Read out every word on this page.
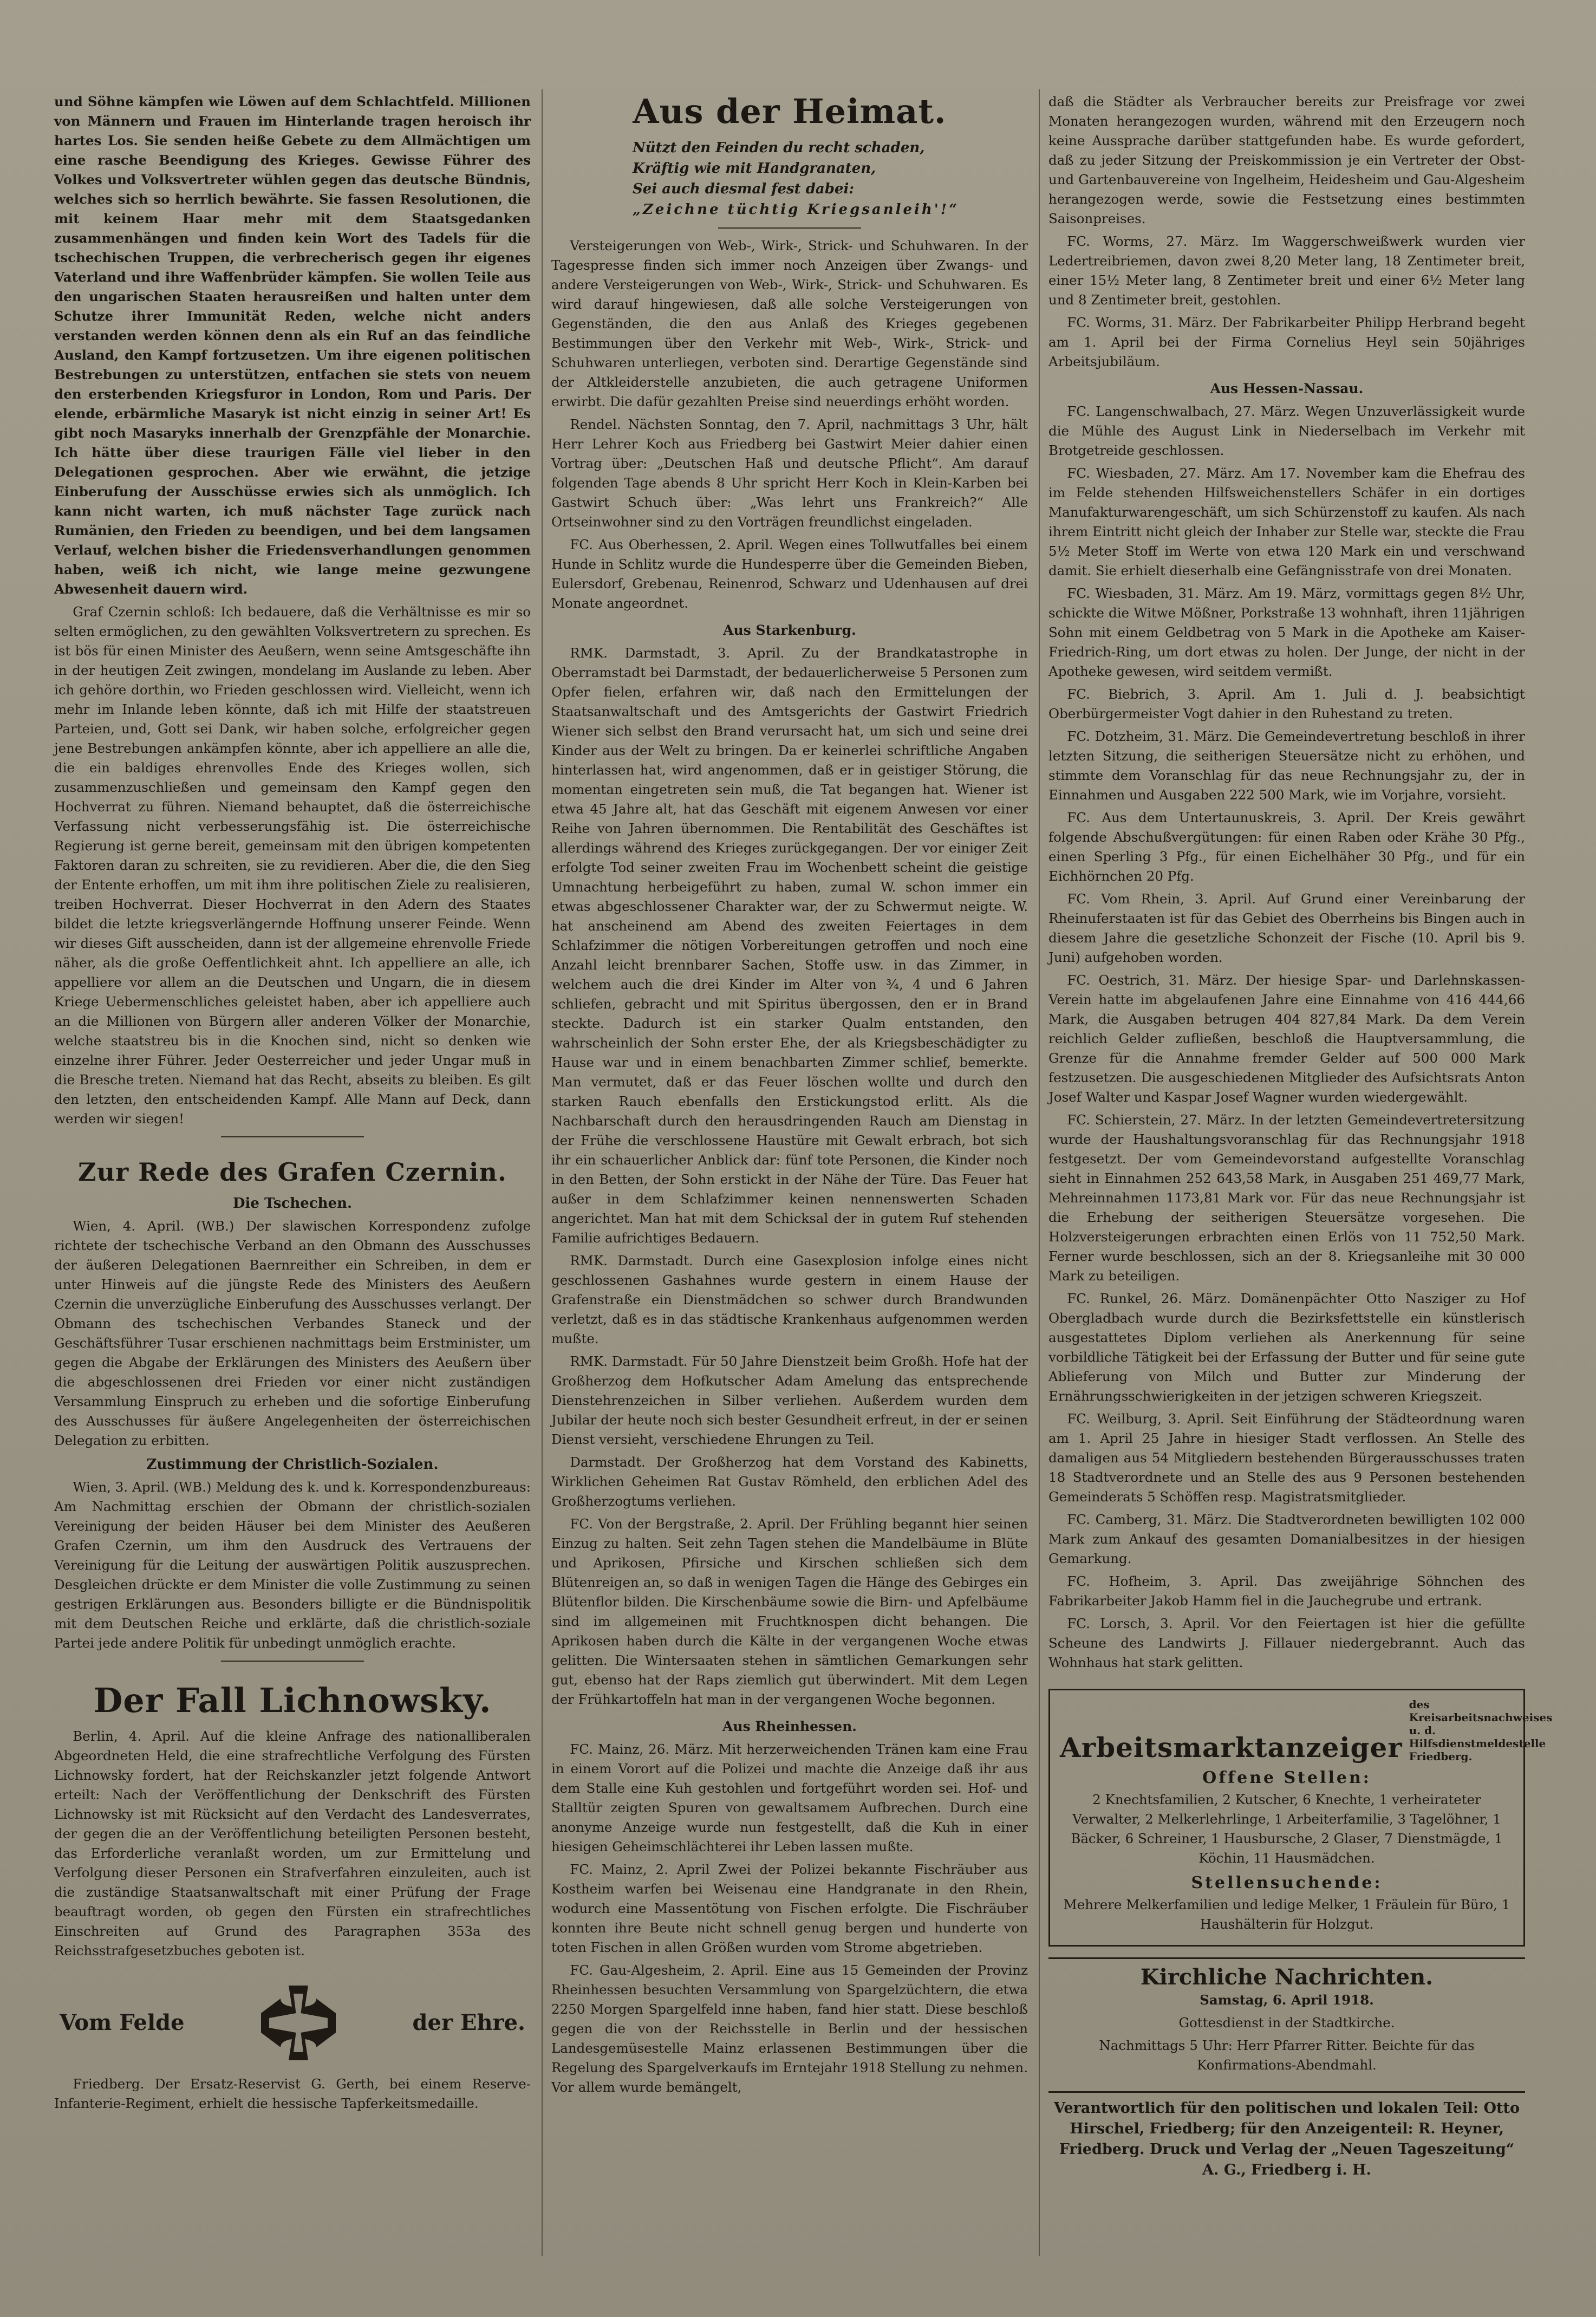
und Söhne kämpfen wie Löwen auf dem Schlachtfeld. Millionen von Männern und Frauen im Hinterlande tragen heroisch ihr hartes Los. Sie senden heiße Gebete zu dem Allmächtigen um eine rasche Beendigung des Krieges. Gewisse Führer des Volkes und Volksvertreter wühlen gegen das deutsche Bündnis, welches sich so herrlich bewährte. Sie fassen Resolutionen, die mit keinem Haar mehr mit dem Staatsgedanken zusammenhängen und finden kein Wort des Tadels für die tschechischen Truppen, die verbrecherisch gegen ihr eigenes Vaterland und ihre Waffenbrüder kämpfen. Sie wollen Teile aus den ungarischen Staaten herausreißen und halten unter dem Schutze ihrer Immunität Reden, welche nicht anders verstanden werden können denn als ein Ruf an das feindliche Ausland, den Kampf fortzusetzen. Um ihre eigenen politischen Bestrebungen zu unterstützen, entfachen sie stets von neuem den ersterbenden Kriegsfuror in London, Rom und Paris. Der elende, erbärmliche Masaryk ist nicht einzig in seiner Art! Es gibt noch Masaryks innerhalb der Grenzpfähle der Monarchie. Ich hätte über diese traurigen Fälle viel lieber in den Delegationen gesprochen. Aber wie erwähnt, die jetzige Einberufung der Ausschüsse erwies sich als unmöglich. Ich kann nicht warten, ich muß nächster Tage zurück nach Rumänien, den Frieden zu beendigen, und bei dem langsamen Verlauf, welchen bisher die Friedensverhandlungen genommen haben, weiß ich nicht, wie lange meine gezwungene Abwesenheit dauern wird.

Graf Czernin schloß: Ich bedauere, daß die Verhältnisse es mir so selten ermöglichen, zu den gewählten Volksvertretern zu sprechen. Es ist bös für einen Minister des Aeußern, wenn seine Amtsgeschäfte ihn in der heutigen Zeit zwingen, mondelang im Auslande zu leben. Aber ich gehöre dorthin, wo Frieden geschlossen wird. Vielleicht, wenn ich mehr im Inlande leben könnte, daß ich mit Hilfe der staatstreuen Parteien, und, Gott sei Dank, wir haben solche, erfolgreicher gegen jene Bestrebungen ankämpfen könnte, aber ich appelliere an alle die, die ein baldiges ehrenvolles Ende des Krieges wollen, sich zusammenzuschließen und gemeinsam den Kampf gegen den Hochverrat zu führen. Niemand behauptet, daß die österreichische Verfassung nicht verbesserungsfähig ist. Die österreichische Regierung ist gerne bereit, gemeinsam mit den übrigen kompetenten Faktoren daran zu schreiten, sie zu revidieren. Aber die, die den Sieg der Entente erhoffen, um mit ihm ihre politischen Ziele zu realisieren, treiben Hochverrat. Dieser Hochverrat in den Adern des Staates bildet die letzte kriegsverlängernde Hoffnung unserer Feinde. Wenn wir dieses Gift ausscheiden, dann ist der allgemeine ehrenvolle Friede näher, als die große Oeffentlichkeit ahnt. Ich appelliere an alle, ich appelliere vor allem an die Deutschen und Ungarn, die in diesem Kriege Uebermenschliches geleistet haben, aber ich appelliere auch an die Millionen von Bürgern aller anderen Völker der Monarchie, welche staatstreu bis in die Knochen sind, nicht so denken wie einzelne ihrer Führer. Jeder Oesterreicher und jeder Ungar muß in die Bresche treten. Niemand hat das Recht, abseits zu bleiben. Es gilt den letzten, den entscheidenden Kampf. Alle Mann auf Deck, dann werden wir siegen!

Zur Rede des Grafen Czernin.
Die Tschechen.

Wien, 4. April. (WB.) Der slawischen Korrespondenz zufolge richtete der tschechische Verband an den Obmann des Ausschusses der äußeren Delegationen Baernreither ein Schreiben, in dem er unter Hinweis auf die jüngste Rede des Ministers des Aeußern Czernin die unverzügliche Einberufung des Ausschusses verlangt. Der Obmann des tschechischen Verbandes Staneck und der Geschäftsführer Tusar erschienen nachmittags beim Erstminister, um gegen die Abgabe der Erklärungen des Ministers des Aeußern über die abgeschlossenen drei Frieden vor einer nicht zuständigen Versammlung Einspruch zu erheben und die sofortige Einberufung des Ausschusses für äußere Angelegenheiten der österreichischen Delegation zu erbitten.

Zustimmung der Christlich-Sozialen.

Wien, 3. April. (WB.) Meldung des k. und k. Korrespondenzbureaus: Am Nachmittag erschien der Obmann der christlich-sozialen Vereinigung der beiden Häuser bei dem Minister des Aeußeren Grafen Czernin, um ihm den Ausdruck des Vertrauens der Vereinigung für die Leitung der auswärtigen Politik auszusprechen. Desgleichen drückte er dem Minister die volle Zustimmung zu seinen gestrigen Erklärungen aus. Besonders billigte er die Bündnispolitik mit dem Deutschen Reiche und erklärte, daß die christlich-soziale Partei jede andere Politik für unbedingt unmöglich erachte.

Der Fall Lichnowsky.

Berlin, 4. April. Auf die kleine Anfrage des nationalliberalen Abgeordneten Held, die eine strafrechtliche Verfolgung des Fürsten Lichnowsky fordert, hat der Reichskanzler jetzt folgende Antwort erteilt: Nach der Veröffentlichung der Denkschrift des Fürsten Lichnowsky ist mit Rücksicht auf den Verdacht des Landesverrates, der gegen die an der Veröffentlichung beteiligten Personen besteht, das Erforderliche veranlaßt worden, um zur Ermittelung und Verfolgung dieser Personen ein Strafverfahren einzuleiten, auch ist die zuständige Staatsanwaltschaft mit einer Prüfung der Frage beauftragt worden, ob gegen den Fürsten ein strafrechtliches Einschreiten auf Grund des Paragraphen 353a des Reichsstrafgesetzbuches geboten ist.

Vom Felde	der Ehre.

Friedberg. Der Ersatz-Reservist G. Gerth, bei einem Reserve-Infanterie-Regiment, erhielt die hessische Tapferkeitsmedaille.

Aus der Heimat.
Nützt den Feinden du recht schaden,
Kräftig wie mit Handgranaten,
Sei auch diesmal fest dabei:
„Zeichne tüchtig Kriegsanleih'!“

Versteigerungen von Web-, Wirk-, Strick- und Schuhwaren. In der Tagespresse finden sich immer noch Anzeigen über Zwangs- und andere Versteigerungen von Web-, Wirk-, Strick- und Schuhwaren. Es wird darauf hingewiesen, daß alle solche Versteigerungen von Gegenständen, die den aus Anlaß des Krieges gegebenen Bestimmungen über den Verkehr mit Web-, Wirk-, Strick- und Schuhwaren unterliegen, verboten sind. Derartige Gegenstände sind der Altkleiderstelle anzubieten, die auch getragene Uniformen erwirbt. Die dafür gezahlten Preise sind neuerdings erhöht worden.

Rendel. Nächsten Sonntag, den 7. April, nachmittags 3 Uhr, hält Herr Lehrer Koch aus Friedberg bei Gastwirt Meier dahier einen Vortrag über: „Deutschen Haß und deutsche Pflicht“. Am darauf folgenden Tage abends 8 Uhr spricht Herr Koch in Klein-Karben bei Gastwirt Schuch über: „Was lehrt uns Frankreich?“ Alle Ortseinwohner sind zu den Vorträgen freundlichst eingeladen.

FC. Aus Oberhessen, 2. April. Wegen eines Tollwutfalles bei einem Hunde in Schlitz wurde die Hundesperre über die Gemeinden Bieben, Eulersdorf, Grebenau, Reinenrod, Schwarz und Udenhausen auf drei Monate angeordnet.

Aus Starkenburg.

RMK. Darmstadt, 3. April. Zu der Brandkatastrophe in Oberramstadt bei Darmstadt, der bedauerlicherweise 5 Personen zum Opfer fielen, erfahren wir, daß nach den Ermittelungen der Staatsanwaltschaft und des Amtsgerichts der Gastwirt Friedrich Wiener sich selbst den Brand verursacht hat, um sich und seine drei Kinder aus der Welt zu bringen. Da er keinerlei schriftliche Angaben hinterlassen hat, wird angenommen, daß er in geistiger Störung, die momentan eingetreten sein muß, die Tat begangen hat. Wiener ist etwa 45 Jahre alt, hat das Geschäft mit eigenem Anwesen vor einer Reihe von Jahren übernommen. Die Rentabilität des Geschäftes ist allerdings während des Krieges zurückgegangen. Der vor einiger Zeit erfolgte Tod seiner zweiten Frau im Wochenbett scheint die geistige Umnachtung herbeigeführt zu haben, zumal W. schon immer ein etwas abgeschlossener Charakter war, der zu Schwermut neigte. W. hat anscheinend am Abend des zweiten Feiertages in dem Schlafzimmer die nötigen Vorbereitungen getroffen und noch eine Anzahl leicht brennbarer Sachen, Stoffe usw. in das Zimmer, in welchem auch die drei Kinder im Alter von ¾, 4 und 6 Jahren schliefen, gebracht und mit Spiritus übergossen, den er in Brand steckte. Dadurch ist ein starker Qualm entstanden, den wahrscheinlich der Sohn erster Ehe, der als Kriegsbeschädigter zu Hause war und in einem benachbarten Zimmer schlief, bemerkte. Man vermutet, daß er das Feuer löschen wollte und durch den starken Rauch ebenfalls den Erstickungstod erlitt. Als die Nachbarschaft durch den herausdringenden Rauch am Dienstag in der Frühe die verschlossene Haustüre mit Gewalt erbrach, bot sich ihr ein schauerlicher Anblick dar: fünf tote Personen, die Kinder noch in den Betten, der Sohn erstickt in der Nähe der Türe. Das Feuer hat außer in dem Schlafzimmer keinen nennenswerten Schaden angerichtet. Man hat mit dem Schicksal der in gutem Ruf stehenden Familie aufrichtiges Bedauern.

RMK. Darmstadt. Durch eine Gasexplosion infolge eines nicht geschlossenen Gashahnes wurde gestern in einem Hause der Grafenstraße ein Dienstmädchen so schwer durch Brandwunden verletzt, daß es in das städtische Krankenhaus aufgenommen werden mußte.

RMK. Darmstadt. Für 50 Jahre Dienstzeit beim Großh. Hofe hat der Großherzog dem Hofkutscher Adam Amelung das entsprechende Dienstehrenzeichen in Silber verliehen. Außerdem wurden dem Jubilar der heute noch sich bester Gesundheit erfreut, in der er seinen Dienst versieht, verschiedene Ehrungen zu Teil.

Darmstadt. Der Großherzog hat dem Vorstand des Kabinetts, Wirklichen Geheimen Rat Gustav Römheld, den erblichen Adel des Großherzogtums verliehen.

FC. Von der Bergstraße, 2. April. Der Frühling begannt hier seinen Einzug zu halten. Seit zehn Tagen stehen die Mandelbäume in Blüte und Aprikosen, Pfirsiche und Kirschen schließen sich dem Blütenreigen an, so daß in wenigen Tagen die Hänge des Gebirges ein Blütenflor bilden. Die Kirschenbäume sowie die Birn- und Apfelbäume sind im allgemeinen mit Fruchtknospen dicht behangen. Die Aprikosen haben durch die Kälte in der vergangenen Woche etwas gelitten. Die Wintersaaten stehen in sämtlichen Gemarkungen sehr gut, ebenso hat der Raps ziemlich gut überwindert. Mit dem Legen der Frühkartoffeln hat man in der vergangenen Woche begonnen.

Aus Rheinhessen.

FC. Mainz, 26. März. Mit herzerweichenden Tränen kam eine Frau in einem Vorort auf die Polizei und machte die Anzeige daß ihr aus dem Stalle eine Kuh gestohlen und fortgeführt worden sei. Hof- und Stalltür zeigten Spuren von gewaltsamem Aufbrechen. Durch eine anonyme Anzeige wurde nun festgestellt, daß die Kuh in einer hiesigen Geheimschlächterei ihr Leben lassen mußte.

FC. Mainz, 2. April Zwei der Polizei bekannte Fischräuber aus Kostheim warfen bei Weisenau eine Handgranate in den Rhein, wodurch eine Massentötung von Fischen erfolgte. Die Fischräuber konnten ihre Beute nicht schnell genug bergen und hunderte von toten Fischen in allen Größen wurden vom Strome abgetrieben.

FC. Gau-Algesheim, 2. April. Eine aus 15 Gemeinden der Provinz Rheinhessen besuchten Versammlung von Spargelzüchtern, die etwa 2250 Morgen Spargelfeld inne haben, fand hier statt. Diese beschloß gegen die von der Reichsstelle in Berlin und der hessischen Landesgemüsestelle Mainz erlassenen Bestimmungen über die Regelung des Spargelverkaufs im Erntejahr 1918 Stellung zu nehmen. Vor allem wurde bemängelt,

daß die Städter als Verbraucher bereits zur Preisfrage vor zwei Monaten herangezogen wurden, während mit den Erzeugern noch keine Aussprache darüber stattgefunden habe. Es wurde gefordert, daß zu jeder Sitzung der Preiskommission je ein Vertreter der Obst- und Gartenbauvereine von Ingelheim, Heidesheim und Gau-Algesheim herangezogen werde, sowie die Festsetzung eines bestimmten Saisonpreises.

FC. Worms, 27. März. Im Waggerschweißwerk wurden vier Ledertreibriemen, davon zwei 8,20 Meter lang, 18 Zentimeter breit, einer 15½ Meter lang, 8 Zentimeter breit und einer 6½ Meter lang und 8 Zentimeter breit, gestohlen.

FC. Worms, 31. März. Der Fabrikarbeiter Philipp Herbrand begeht am 1. April bei der Firma Cornelius Heyl sein 50jähriges Arbeitsjubiläum.

Aus Hessen-Nassau.

FC. Langenschwalbach, 27. März. Wegen Unzuverlässigkeit wurde die Mühle des August Link in Niederselbach im Verkehr mit Brotgetreide geschlossen.

FC. Wiesbaden, 27. März. Am 17. November kam die Ehefrau des im Felde stehenden Hilfsweichenstellers Schäfer in ein dortiges Manufakturwarengeschäft, um sich Schürzenstoff zu kaufen. Als nach ihrem Eintritt nicht gleich der Inhaber zur Stelle war, steckte die Frau 5½ Meter Stoff im Werte von etwa 120 Mark ein und verschwand damit. Sie erhielt dieserhalb eine Gefängnisstrafe von drei Monaten.

FC. Wiesbaden, 31. März. Am 19. März, vormittags gegen 8½ Uhr, schickte die Witwe Mößner, Porkstraße 13 wohnhaft, ihren 11jährigen Sohn mit einem Geldbetrag von 5 Mark in die Apotheke am Kaiser-Friedrich-Ring, um dort etwas zu holen. Der Junge, der nicht in der Apotheke gewesen, wird seitdem vermißt.

FC. Biebrich, 3. April. Am 1. Juli d. J. beabsichtigt Oberbürgermeister Vogt dahier in den Ruhestand zu treten.

FC. Dotzheim, 31. März. Die Gemeindevertretung beschloß in ihrer letzten Sitzung, die seitherigen Steuersätze nicht zu erhöhen, und stimmte dem Voranschlag für das neue Rechnungsjahr zu, der in Einnahmen und Ausgaben 222 500 Mark, wie im Vorjahre, vorsieht.

FC. Aus dem Untertaunuskreis, 3. April. Der Kreis gewährt folgende Abschußvergütungen: für einen Raben oder Krähe 30 Pfg., einen Sperling 3 Pfg., für einen Eichelhäher 30 Pfg., und für ein Eichhörnchen 20 Pfg.

FC. Vom Rhein, 3. April. Auf Grund einer Vereinbarung der Rheinuferstaaten ist für das Gebiet des Oberrheins bis Bingen auch in diesem Jahre die gesetzliche Schonzeit der Fische (10. April bis 9. Juni) aufgehoben worden.

FC. Oestrich, 31. März. Der hiesige Spar- und Darlehnskassen-Verein hatte im abgelaufenen Jahre eine Einnahme von 416 444,66 Mark, die Ausgaben betrugen 404 827,84 Mark. Da dem Verein reichlich Gelder zufließen, beschloß die Hauptversammlung, die Grenze für die Annahme fremder Gelder auf 500 000 Mark festzusetzen. Die ausgeschiedenen Mitglieder des Aufsichtsrats Anton Josef Walter und Kaspar Josef Wagner wurden wiedergewählt.

FC. Schierstein, 27. März. In der letzten Gemeindevertretersitzung wurde der Haushaltungsvoranschlag für das Rechnungsjahr 1918 festgesetzt. Der vom Gemeindevorstand aufgestellte Voranschlag sieht in Einnahmen 252 643,58 Mark, in Ausgaben 251 469,77 Mark, Mehreinnahmen 1173,81 Mark vor. Für das neue Rechnungsjahr ist die Erhebung der seitherigen Steuersätze vorgesehen. Die Holzversteigerungen erbrachten einen Erlös von 11 752,50 Mark. Ferner wurde beschlossen, sich an der 8. Kriegsanleihe mit 30 000 Mark zu beteiligen.

FC. Runkel, 26. März. Domänenpächter Otto Nasziger zu Hof Obergladbach wurde durch die Bezirksfettstelle ein künstlerisch ausgestattetes Diplom verliehen als Anerkennung für seine vorbildliche Tätigkeit bei der Erfassung der Butter und für seine gute Ablieferung von Milch und Butter zur Minderung der Ernährungsschwierigkeiten in der jetzigen schweren Kriegszeit.

FC. Weilburg, 3. April. Seit Einführung der Städteordnung waren am 1. April 25 Jahre in hiesiger Stadt verflossen. An Stelle des damaligen aus 54 Mitgliedern bestehenden Bürgerausschusses traten 18 Stadtverordnete und an Stelle des aus 9 Personen bestehenden Gemeinderats 5 Schöffen resp. Magistratsmitglieder.

FC. Camberg, 31. März. Die Stadtverordneten bewilligten 102 000 Mark zum Ankauf des gesamten Domanialbesitzes in der hiesigen Gemarkung.

FC. Hofheim, 3. April. Das zweijährige Söhnchen des Fabrikarbeiter Jakob Hamm fiel in die Jauchegrube und ertrank.

FC. Lorsch, 3. April. Vor den Feiertagen ist hier die gefüllte Scheune des Landwirts J. Fillauer niedergebrannt. Auch das Wohnhaus hat stark gelitten.

Arbeitsmarktanzeiger
des Kreisarbeitsnachweises u. d.
Hilfsdienstmeldestelle Friedberg.
Offene Stellen:

2 Knechtsfamilien, 2 Kutscher, 6 Knechte, 1 verheirateter Verwalter, 2 Melkerlehrlinge, 1 Arbeiterfamilie, 3 Tagelöhner, 1 Bäcker, 6 Schreiner, 1 Hausbursche, 2 Glaser, 7 Dienstmägde, 1 Köchin, 11 Hausmädchen.

Stellensuchende:

Mehrere Melkerfamilien und ledige Melker, 1 Fräulein für Büro, 1 Haushälterin für Holzgut.

Kirchliche Nachrichten.

Samstag, 6. April 1918.

Gottesdienst in der Stadtkirche.

Nachmittags 5 Uhr: Herr Pfarrer Ritter. Beichte für das Konfirmations-Abendmahl.

Verantwortlich für den politischen und lokalen Teil: Otto Hirschel, Friedberg; für den Anzeigenteil: R. Heyner, Friedberg. Druck und Verlag der „Neuen Tageszeitung“ A. G., Friedberg i. H.
